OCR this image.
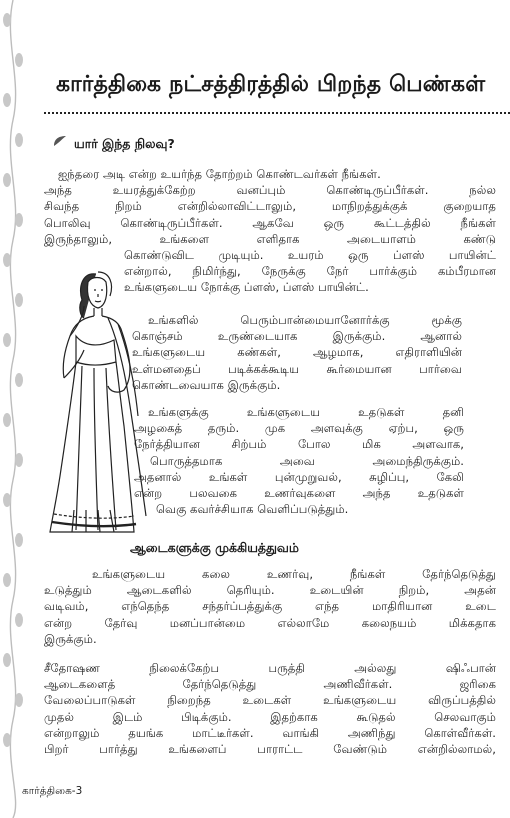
கார்த்திகை நட்சத்திரத்தில் பிறந்த பெண்கள்
யார் இந்த நிலவு?
ஐந்தரை அடி என்ற உயர்ந்த தோற்றம் கொண்டவர்கள் நீங்கள்.
அந்த உயரத்துக்கேற்ற வனப்பும் கொண்டிருப்பீர்கள். நல்ல
சிவந்த நிறம் என்றில்லாவிட்டாலும், மாநிறத்துக்குக் குறையாத
பொலிவு கொண்டிருப்பீர்கள். ஆகவே ஒரு கூட்டத்தில் நீங்கள்
இருந்தாலும், உங்களை எளிதாக அடையாளம் கண்டு
கொண்டுவிட முடியும். உயரம் ஒரு ப்ளஸ் பாயின்ட்
என்றால், நிமிர்ந்து, நேருக்கு நேர் பார்க்கும் கம்பீரமான
உங்களுடைய நோக்கு ப்ளஸ், ப்ளஸ் பாயின்ட்.
உங்களில் பெரும்பான்மையானோர்க்கு மூக்கு
கொஞ்சம் உருண்டையாக இருக்கும். ஆனால்
உங்களுடைய கண்கள், ஆழமாக, எதிராளியின்
உள்மனதைப் படிக்கக்கூடிய கூர்மையான பார்வை
கொண்டவையாக இருக்கும்.
உங்களுக்கு உங்களுடைய உதடுகள் தனி
அழகைத் தரும். முக அளவுக்கு ஏற்ப, ஒரு
நேர்த்தியான சிற்பம் போல மிக அளவாக,
பொருத்தமாக அவை அமைந்திருக்கும்.
அதனால் உங்கள் புன்முறுவல், சுழிப்பு, கேலி
என்ற பலவகை உணர்வுகளை அந்த உதடுகள்
வெகு கவர்ச்சியாக வெளிப்படுத்தும்.
ஆடைகளுக்கு முக்கியத்துவம்
உங்களுடைய கலை உணர்வு, நீங்கள் தேர்ந்தெடுத்து
உடுத்தும் ஆடைகளில் தெரியும். உடையின் நிறம், அதன்
வடிவம், எந்தெந்த சந்தர்ப்பத்துக்கு எந்த மாதிரியான உடை
என்ற தேர்வு மனப்பான்மை எல்லாமே கலைநயம் மிக்கதாக
இருக்கும்.
சீதோஷண நிலைக்கேற்ப பருத்தி அல்லது ஷிஃபான்
ஆடைகளைத் தேர்ந்தெடுத்து அணிவீர்கள். ஜரிகை
வேலைப்பாடுகள் நிறைந்த உடைகள் உங்களுடைய விருப்பத்தில்
முதல் இடம் பிடிக்கும். இதற்காக கூடுதல் செலவாகும்
என்றாலும் தயங்க மாட்டீர்கள். வாங்கி அணிந்து கொள்வீர்கள்.
பிறர் பார்த்து உங்களைப் பாராட்ட வேண்டும் என்றில்லாமல்,
கார்த்திகை-3
